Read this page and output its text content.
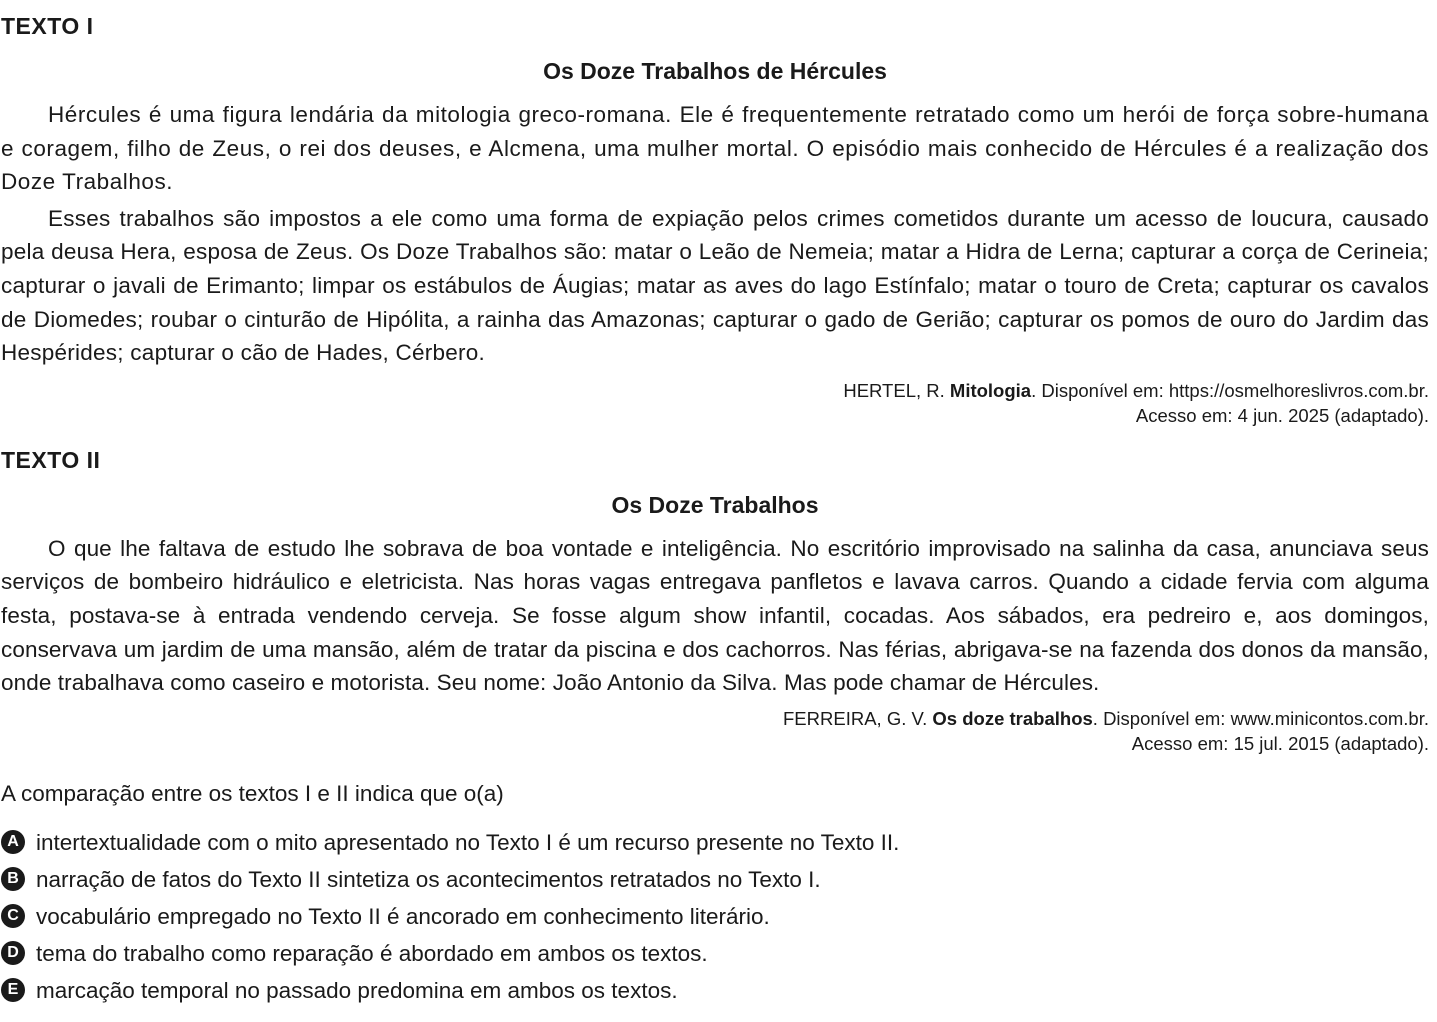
TEXTO I

Os Doze Trabalhos de Hércules

Hércules é uma figura lendária da mitologia greco-romana. Ele é frequentemente retratado como um herói de força sobre-humana e coragem, filho de Zeus, o rei dos deuses, e Alcmena, uma mulher mortal. O episódio mais conhecido de Hércules é a realização dos Doze Trabalhos.

Esses trabalhos são impostos a ele como uma forma de expiação pelos crimes cometidos durante um acesso de loucura, causado pela deusa Hera, esposa de Zeus. Os Doze Trabalhos são: matar o Leão de Nemeia; matar a Hidra de Lerna; capturar a corça de Cerineia; capturar o javali de Erimanto; limpar os estábulos de Áugias; matar as aves do lago Estínfalo; matar o touro de Creta; capturar os cavalos de Diomedes; roubar o cinturão de Hipólita, a rainha das Amazonas; capturar o gado de Gerião; capturar os pomos de ouro do Jardim das Hespérides; capturar o cão de Hades, Cérbero.

HERTEL, R. Mitologia. Disponível em: https://osmelhoreslivros.com.br.

Acesso em: 4 jun. 2025 (adaptado).

TEXTO II

Os Doze Trabalhos

O que lhe faltava de estudo lhe sobrava de boa vontade e inteligência. No escritório improvisado na salinha da casa, anunciava seus serviços de bombeiro hidráulico e eletricista. Nas horas vagas entregava panfletos e lavava carros. Quando a cidade fervia com alguma festa, postava-se à entrada vendendo cerveja. Se fosse algum show infantil, cocadas. Aos sábados, era pedreiro e, aos domingos, conservava um jardim de uma mansão, além de tratar da piscina e dos cachorros. Nas férias, abrigava-se na fazenda dos donos da mansão, onde trabalhava como caseiro e motorista. Seu nome: João Antonio da Silva. Mas pode chamar de Hércules.

FERREIRA, G. V. Os doze trabalhos. Disponível em: www.minicontos.com.br.

Acesso em: 15 jul. 2015 (adaptado).

A comparação entre os textos I e II indica que o(a)

A intertextualidade com o mito apresentado no Texto I é um recurso presente no Texto II.
B narração de fatos do Texto II sintetiza os acontecimentos retratados no Texto I.
C vocabulário empregado no Texto II é ancorado em conhecimento literário.
D tema do trabalho como reparação é abordado em ambos os textos.
E marcação temporal no passado predomina em ambos os textos.
